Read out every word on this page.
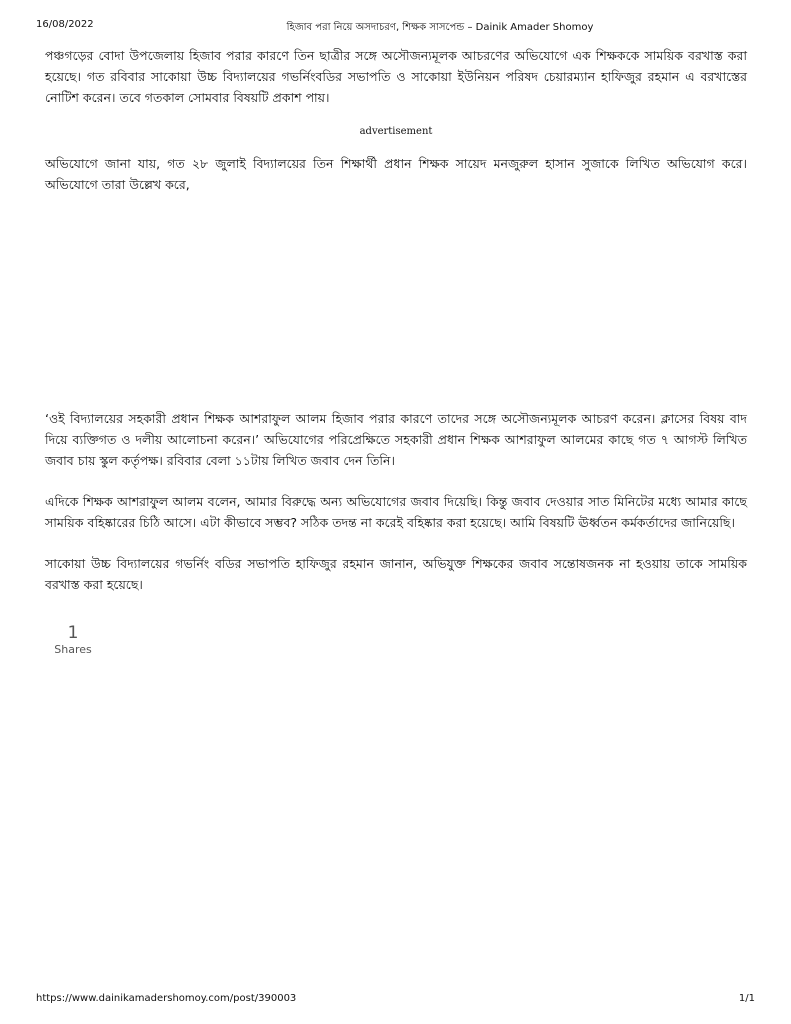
16/08/2022	হিজাব পরা নিয়ে অসদাচরণ, শিক্ষক সাসপেন্ড – Dainik Amader Shomoy

পঞ্চগড়ের বোদা উপজেলায় হিজাব পরার কারণে তিন ছাত্রীর সঙ্গে অসৌজন্যমূলক আচরণের অভিযোগে এক শিক্ষককে সাময়িক বরখাস্ত করা হয়েছে। গত রবিবার সাকোয়া উচ্চ বিদ্যালয়ের গভর্নিংবডির সভাপতি ও সাকোয়া ইউনিয়ন পরিষদ চেয়ারম্যান হাফিজুর রহমান এ বরখাস্তের নোটিশ করেন। তবে গতকাল সোমবার বিষয়টি প্রকাশ পায়।

advertisement

অভিযোগে জানা যায়, গত ২৮ জুলাই বিদ্যালয়ের তিন শিক্ষার্থী প্রধান শিক্ষক সায়েদ মনজুরুল হাসান সুজাকে লিখিত অভিযোগ করে। অভিযোগে তারা উল্লেখ করে,

‘ওই বিদ্যালয়ের সহকারী প্রধান শিক্ষক আশরাফুল আলম হিজাব পরার কারণে তাদের সঙ্গে অসৌজন্যমূলক আচরণ করেন। ক্লাসের বিষয় বাদ দিয়ে ব্যক্তিগত ও দলীয় আলোচনা করেন।’ অভিযোগের পরিপ্রেক্ষিতে সহকারী প্রধান শিক্ষক আশরাফুল আলমের কাছে গত ৭ আগস্ট লিখিত জবাব চায় স্কুল কর্তৃপক্ষ। রবিবার বেলা ১১টায় লিখিত জবাব দেন তিনি।

এদিকে শিক্ষক আশরাফুল আলম বলেন, আমার বিরুদ্ধে অন্য অভিযোগের জবাব দিয়েছি। কিন্তু জবাব দেওয়ার সাত মিনিটের মধ্যে আমার কাছে সাময়িক বহিষ্কারের চিঠি আসে। এটা কীভাবে সম্ভব? সঠিক তদন্ত না করেই বহিষ্কার করা হয়েছে। আমি বিষয়টি ঊর্ধ্বতন কর্মকর্তাদের জানিয়েছি।

সাকোয়া উচ্চ বিদ্যালয়ের গভর্নিং বডির সভাপতি হাফিজুর রহমান জানান, অভিযুক্ত শিক্ষকের জবাব সন্তোষজনক না হওয়ায় তাকে সাময়িক বরখাস্ত করা হয়েছে।

1
Shares
https://www.dainikamadershomoy.com/post/390003	1/1
